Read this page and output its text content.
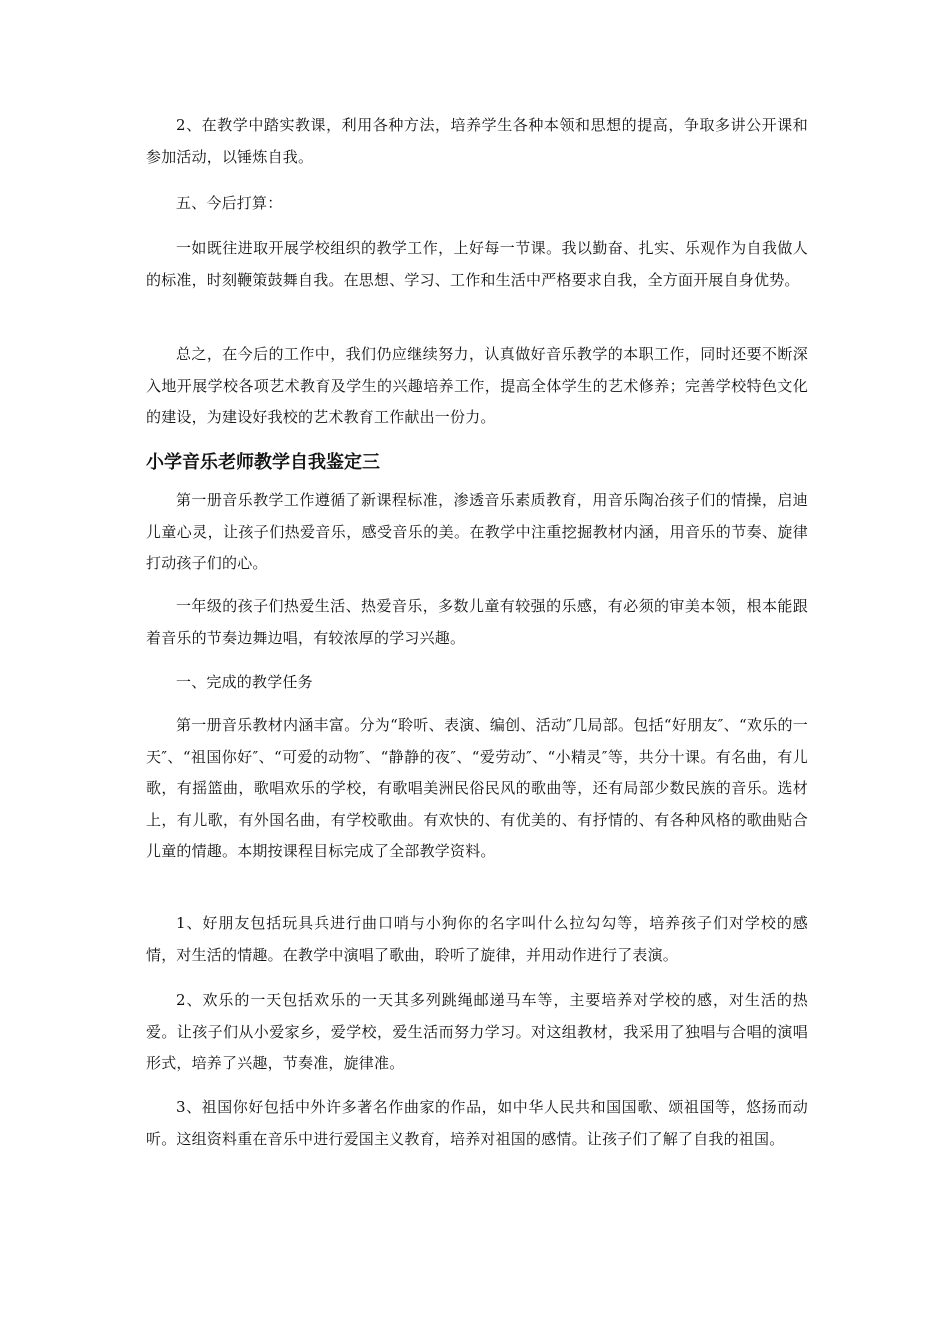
2、在教学中踏实教课，利用各种方法，培养学生各种本领和思想的提高，争取多讲公开课和参加活动，以锤炼自我。

五、今后打算：

一如既往进取开展学校组织的教学工作，上好每一节课。我以勤奋、扎实、乐观作为自我做人的标准，时刻鞭策鼓舞自我。在思想、学习、工作和生活中严格要求自我，全方面开展自身优势。

总之，在今后的工作中，我们仍应继续努力，认真做好音乐教学的本职工作，同时还要不断深入地开展学校各项艺术教育及学生的兴趣培养工作，提高全体学生的艺术修养；完善学校特色文化的建设，为建设好我校的艺术教育工作献出一份力。

小学音乐老师教学自我鉴定三

第一册音乐教学工作遵循了新课程标准，渗透音乐素质教育，用音乐陶冶孩子们的情操，启迪儿童心灵，让孩子们热爱音乐，感受音乐的美。在教学中注重挖掘教材内涵，用音乐的节奏、旋律打动孩子们的心。

一年级的孩子们热爱生活、热爱音乐，多数儿童有较强的乐感，有必须的审美本领，根本能跟着音乐的节奏边舞边唱，有较浓厚的学习兴趣。

一、完成的教学任务

第一册音乐教材内涵丰富。分为“聆听、表演、编创、活动″几局部。包括“好朋友″、“欢乐的一天″、“祖国你好″、“可爱的动物″、“静静的夜″、“爱劳动″、“小精灵″等，共分十课。有名曲，有儿歌，有摇篮曲，歌唱欢乐的学校，有歌唱美洲民俗民风的歌曲等，还有局部少数民族的音乐。选材上，有儿歌，有外国名曲，有学校歌曲。有欢快的、有优美的、有抒情的、有各种风格的歌曲贴合儿童的情趣。本期按课程目标完成了全部教学资料。

1、好朋友包括玩具兵进行曲口哨与小狗你的名字叫什么拉勾勾等，培养孩子们对学校的感情，对生活的情趣。在教学中演唱了歌曲，聆听了旋律，并用动作进行了表演。

2、欢乐的一天包括欢乐的一天其多列跳绳邮递马车等，主要培养对学校的感，对生活的热爱。让孩子们从小爱家乡，爱学校，爱生活而努力学习。对这组教材，我采用了独唱与合唱的演唱形式，培养了兴趣，节奏准，旋律准。

3、祖国你好包括中外许多著名作曲家的作品，如中华人民共和国国歌、颂祖国等，悠扬而动听。这组资料重在音乐中进行爱国主义教育，培养对祖国的感情。让孩子们了解了自我的祖国。
